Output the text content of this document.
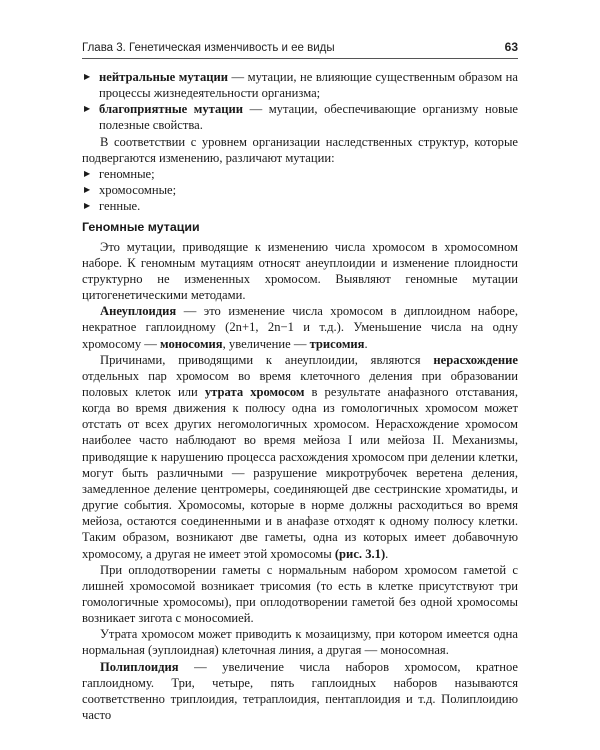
Глава 3. Генетическая изменчивость и ее виды	63
▶ нейтральные мутации — мутации, не влияющие существенным образом на процессы жизнедеятельности организма;
▶ благоприятные мутации — мутации, обеспечивающие организму новые полезные свойства.

В соответствии с уровнем организации наследственных структур, которые подвергаются изменению, различают мутации:

▶ геномные;
▶ хромосомные;
▶ генные.
Геномные мутации

Это мутации, приводящие к изменению числа хромосом в хромосомном наборе. К геномным мутациям относят анеуплоидии и изменение плоидности структурно не измененных хромосом. Выявляют геномные мутации цитогенетическими методами.

Анеуплоидия — это изменение числа хромосом в диплоидном наборе, некратное гаплоидному (2n+1, 2n−1 и т.д.). Уменьшение числа на одну хромосому — моносомия, увеличение — трисомия.

Причинами, приводящими к анеуплоидии, являются нерасхождение отдельных пар хромосом во время клеточного деления при образовании половых клеток или утрата хромосом в результате анафазного отставания, когда во время движения к полюсу одна из гомологичных хромосом может отстать от всех других негомологичных хромосом. Нерасхождение хромосом наиболее часто наблюдают во время мейоза I или мейоза II. Механизмы, приводящие к нарушению процесса расхождения хромосом при делении клетки, могут быть различными — разрушение микротрубочек веретена деления, замедленное деление центромеры, соединяющей две сестринские хроматиды, и другие события. Хромосомы, которые в норме должны расходиться во время мейоза, остаются соединенными и в анафазе отходят к одному полюсу клетки. Таким образом, возникают две гаметы, одна из которых имеет добавочную хромосому, а другая не имеет этой хромосомы (рис. 3.1).

При оплодотворении гаметы с нормальным набором хромосом гаметой с лишней хромосомой возникает трисомия (то есть в клетке присутствуют три гомологичные хромосомы), при оплодотворении гаметой без одной хромосомы возникает зигота с моносомией.

Утрата хромосом может приводить к мозаицизму, при котором имеется одна нормальная (эуплоидная) клеточная линия, а другая — моносомная.

Полиплоидия — увеличение числа наборов хромосом, кратное гаплоидному. Три, четыре, пять гаплоидных наборов называются соответственно триплоидия, тетраплоидия, пентаплоидия и т.д. Полиплоидию часто
